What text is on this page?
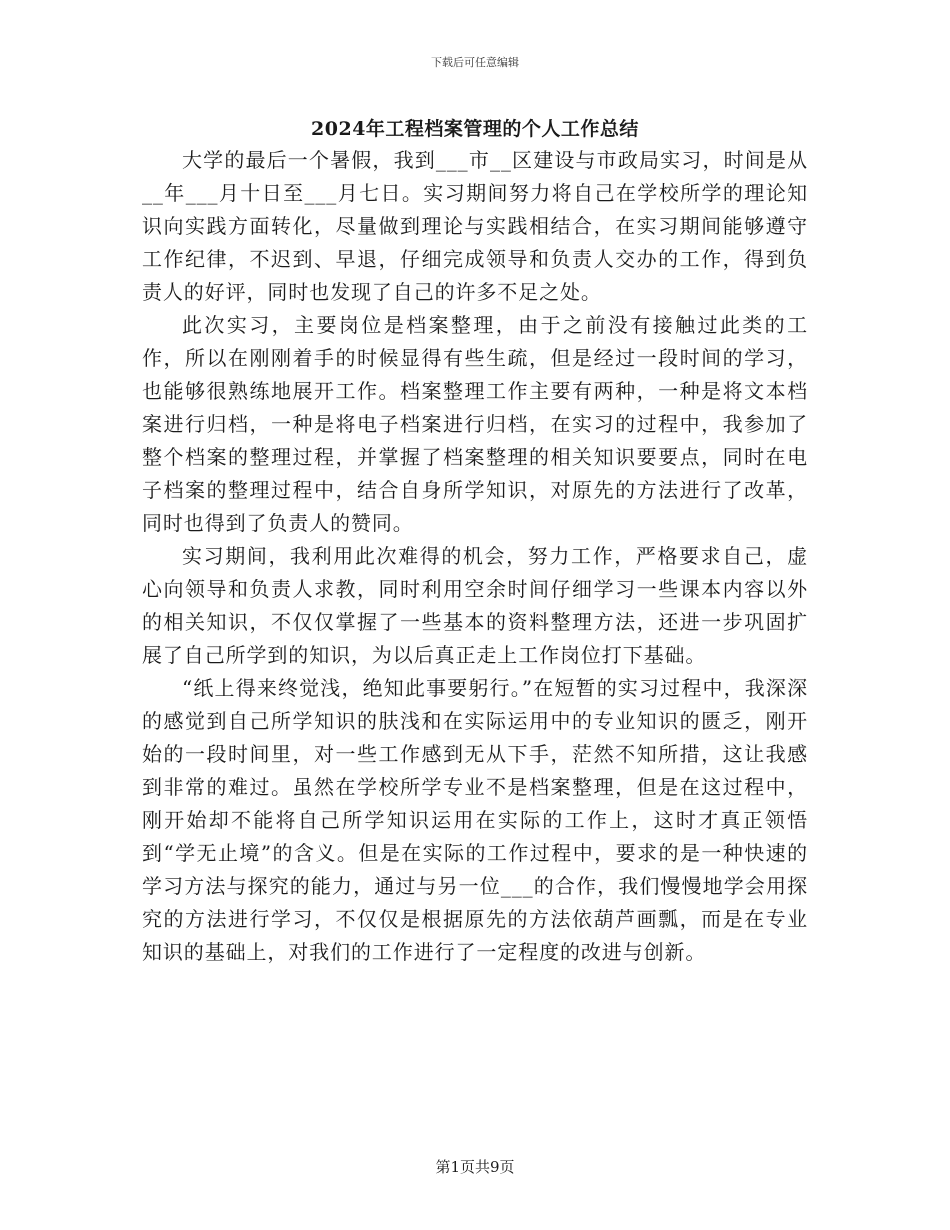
下载后可任意编辑
2024年工程档案管理的个人工作总结

大学的最后一个暑假，我到___市__区建设与市政局实习，时间是从__年___月十日至___月七日。实习期间努力将自己在学校所学的理论知识向实践方面转化，尽量做到理论与实践相结合，在实习期间能够遵守工作纪律，不迟到、早退，仔细完成领导和负责人交办的工作，得到负责人的好评，同时也发现了自己的许多不足之处。

此次实习，主要岗位是档案整理，由于之前没有接触过此类的工作，所以在刚刚着手的时候显得有些生疏，但是经过一段时间的学习，也能够很熟练地展开工作。档案整理工作主要有两种，一种是将文本档案进行归档，一种是将电子档案进行归档，在实习的过程中，我参加了整个档案的整理过程，并掌握了档案整理的相关知识要要点，同时在电子档案的整理过程中，结合自身所学知识，对原先的方法进行了改革，同时也得到了负责人的赞同。

实习期间，我利用此次难得的机会，努力工作，严格要求自己，虚心向领导和负责人求教，同时利用空余时间仔细学习一些课本内容以外的相关知识，不仅仅掌握了一些基本的资料整理方法，还进一步巩固扩展了自己所学到的知识，为以后真正走上工作岗位打下基础。

“纸上得来终觉浅，绝知此事要躬行。”在短暂的实习过程中，我深深的感觉到自己所学知识的肤浅和在实际运用中的专业知识的匮乏，刚开始的一段时间里，对一些工作感到无从下手，茫然不知所措，这让我感到非常的难过。虽然在学校所学专业不是档案整理，但是在这过程中，刚开始却不能将自己所学知识运用在实际的工作上，这时才真正领悟到“学无止境”的含义。但是在实际的工作过程中，要求的是一种快速的学习方法与探究的能力，通过与另一位___的合作，我们慢慢地学会用探究的方法进行学习，不仅仅是根据原先的方法依葫芦画瓢，而是在专业知识的基础上，对我们的工作进行了一定程度的改进与创新。

第1页共9页
